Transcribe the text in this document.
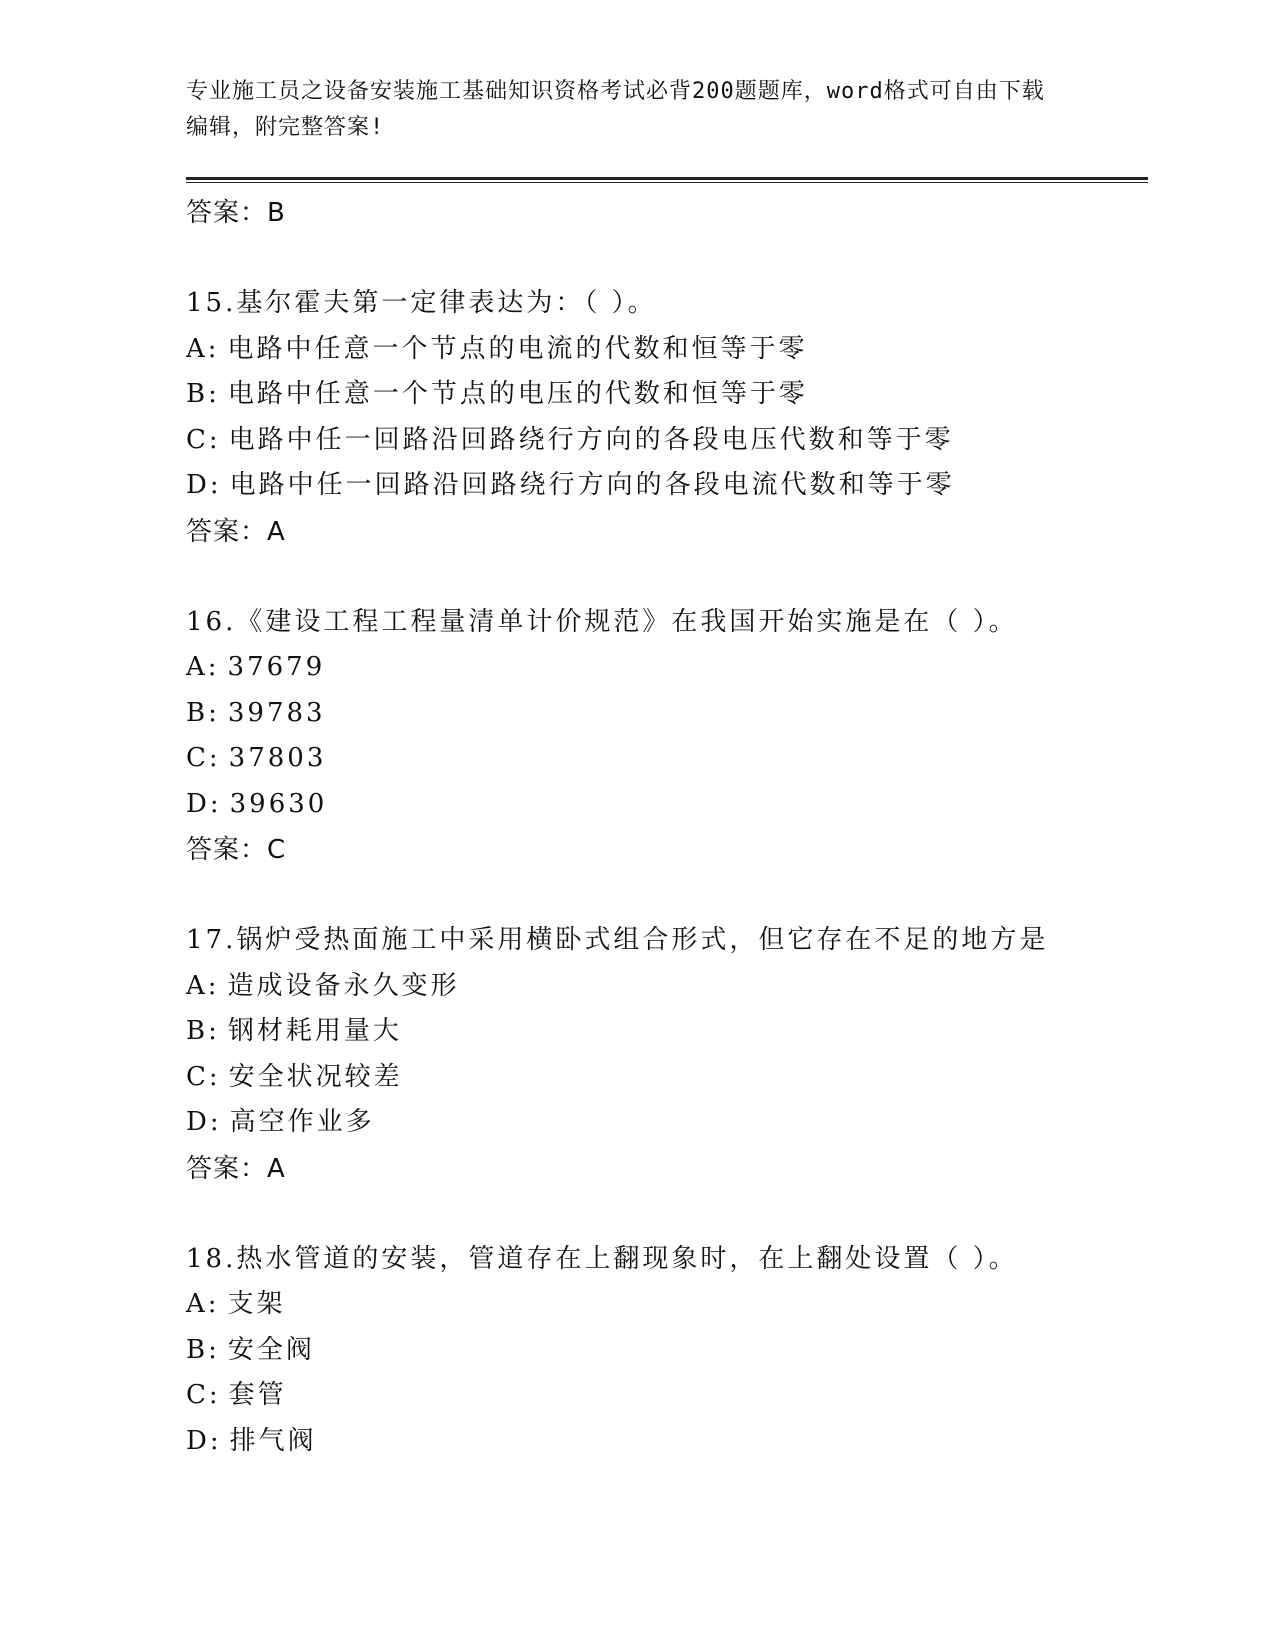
专业施工员之设备安装施工基础知识资格考试必背200题题库，word格式可自由下载编辑，附完整答案!
答案：B
15.基尔霍夫第一定律表达为：（ ）。
A: 电路中任意一个节点的电流的代数和恒等于零
B: 电路中任意一个节点的电压的代数和恒等于零
C: 电路中任一回路沿回路绕行方向的各段电压代数和等于零
D: 电路中任一回路沿回路绕行方向的各段电流代数和等于零
答案：A
16.《建设工程工程量清单计价规范》在我国开始实施是在（ ）。
A: 37679
B: 39783
C: 37803
D: 39630
答案：C
17.锅炉受热面施工中采用横卧式组合形式，但它存在不足的地方是
A: 造成设备永久变形
B: 钢材耗用量大
C: 安全状况较差
D: 高空作业多
答案：A
18.热水管道的安装，管道存在上翻现象时，在上翻处设置（ ）。
A: 支架
B: 安全阀
C: 套管
D: 排气阀
